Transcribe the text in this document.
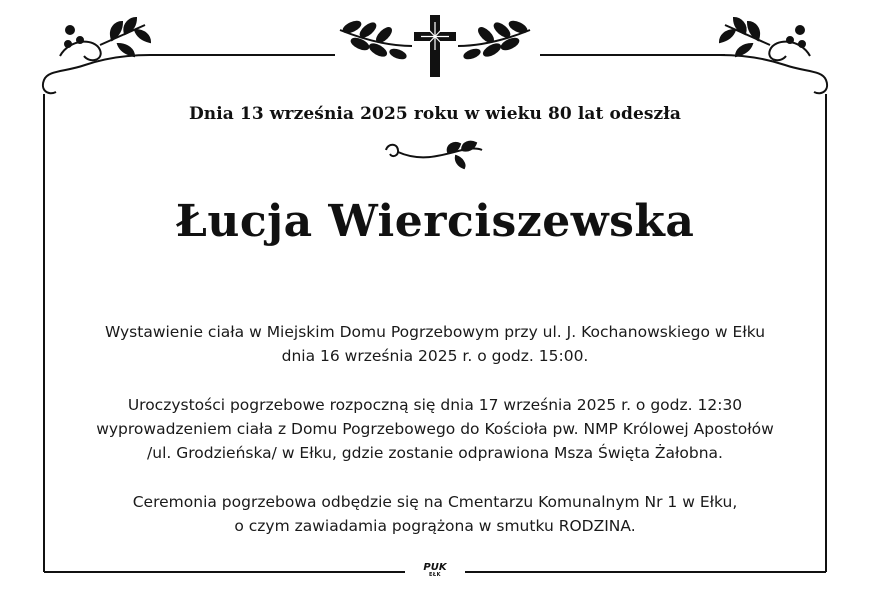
Dnia 13 września 2025 roku w wieku 80 lat odeszła
Łucja Wierciszewska

Wystawienie ciała w Miejskim Domu Pogrzebowym przy ul. J. Kochanowskiego w Ełku
dnia 16 września 2025 r. o godz. 15:00.

Uroczystości pogrzebowe rozpoczną się dnia 17 września 2025 r. o godz. 12:30
wyprowadzeniem ciała z Domu Pogrzebowego do Kościoła pw. NMP Królowej Apostołów
/ul. Grodzieńska/ w Ełku, gdzie zostanie odprawiona Msza Święta Żałobna.

Ceremonia pogrzebowa odbędzie się na Cmentarzu Komunalnym Nr 1 w Ełku,
o czym zawiadamia pogrążona w smutku RODZINA.

PUK
EŁK
